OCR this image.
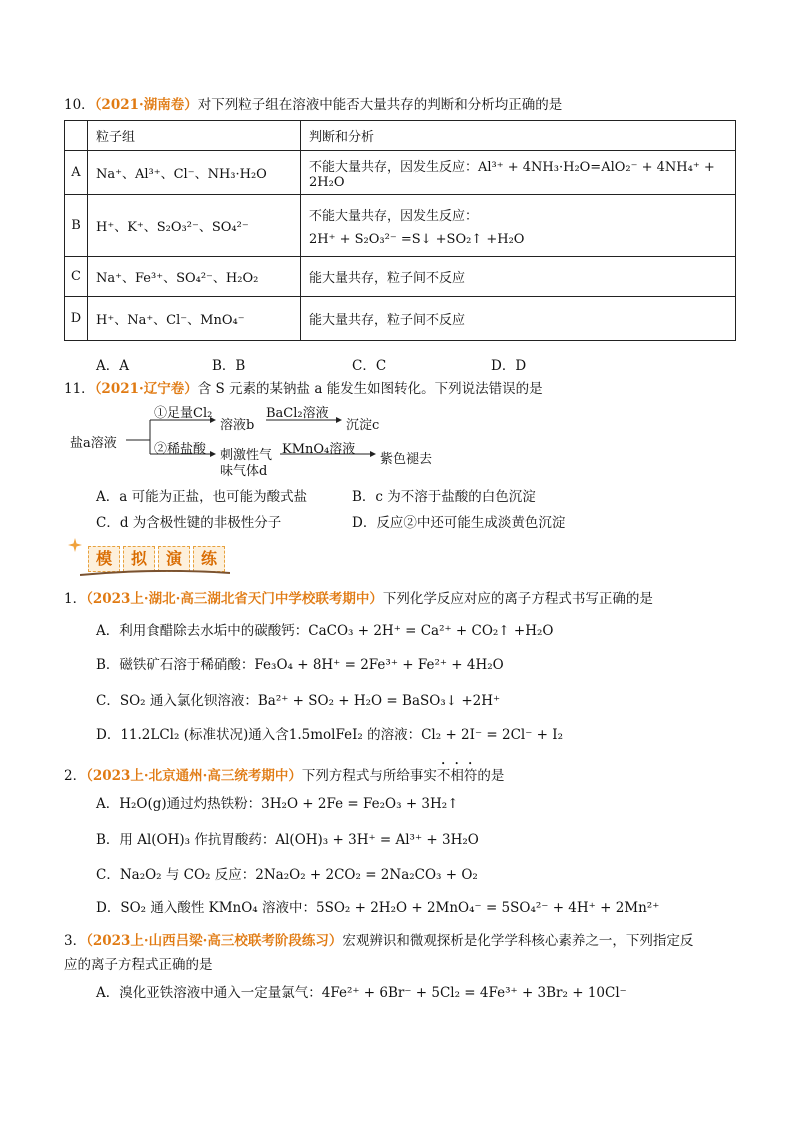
10．（2021·湖南卷）对下列粒子组在溶液中能否大量共存的判断和分析均正确的是
	粒子组	判断和分析
A	Na⁺、Al³⁺、Cl⁻、NH₃·H₂O	不能大量共存，因发生反应：Al³⁺ + 4NH₃·H₂O=AlO₂⁻ + 4NH₄⁺ + 2H₂O
B	H⁺、K⁺、S₂O₃²⁻、SO₄²⁻	不能大量共存，因发生反应：
2H⁺ + S₂O₃²⁻ =S↓ +SO₂↑ +H₂O

C	Na⁺、Fe³⁺、SO₄²⁻、H₂O₂	能大量共存，粒子间不反应
D	H⁺、Na⁺、Cl⁻、MnO₄⁻	能大量共存，粒子间不反应
A．A	B．B	C．C	D．D
11．（2021·辽宁卷）含 S 元素的某钠盐 a 能发生如图转化。下列说法错误的是
盐a溶液
①足量Cl₂
溶液b
BaCl₂溶液
沉淀c
②稀盐酸 刺激性气
味气体d
KMnO₄溶液
紫色褪去
A．a 可能为正盐，也可能为酸式盐	B．c 为不溶于盐酸的白色沉淀
C．d 为含极性键的非极性分子	D．反应②中还可能生成淡黄色沉淀
模	拟	演	练
1．（2023上·湖北·高三湖北省天门中学校联考期中）下列化学反应对应的离子方程式书写正确的是
A．利用食醋除去水垢中的碳酸钙：CaCO₃ + 2H⁺ = Ca²⁺ + CO₂↑ +H₂O
B．磁铁矿石溶于稀硝酸：Fe₃O₄ + 8H⁺ = 2Fe³⁺ + Fe²⁺ + 4H₂O
C．SO₂ 通入氯化钡溶液：Ba²⁺ + SO₂ + H₂O = BaSO₃↓ +2H⁺
D．11.2LCl₂ (标准状况)通入含1.5molFeI₂ 的溶液：Cl₂ + 2I⁻ = 2Cl⁻ + I₂
2．（2023上·北京通州·高三统考期中）下列方程式与所给事实不相符的是
A．H₂O(g)通过灼热铁粉：3H₂O + 2Fe = Fe₂O₃ + 3H₂↑
B．用 Al(OH)₃ 作抗胃酸药：Al(OH)₃ + 3H⁺ = Al³⁺ + 3H₂O
C．Na₂O₂ 与 CO₂ 反应：2Na₂O₂ + 2CO₂ = 2Na₂CO₃ + O₂
D．SO₂ 通入酸性 KMnO₄ 溶液中：5SO₂ + 2H₂O + 2MnO₄⁻ = 5SO₄²⁻ + 4H⁺ + 2Mn²⁺
3．（2023上·山西吕梁·高三校联考阶段练习）宏观辨识和微观探析是化学学科核心素养之一，下列指定反
应的离子方程式正确的是
A．溴化亚铁溶液中通入一定量氯气：4Fe²⁺ + 6Br⁻ + 5Cl₂ = 4Fe³⁺ + 3Br₂ + 10Cl⁻
